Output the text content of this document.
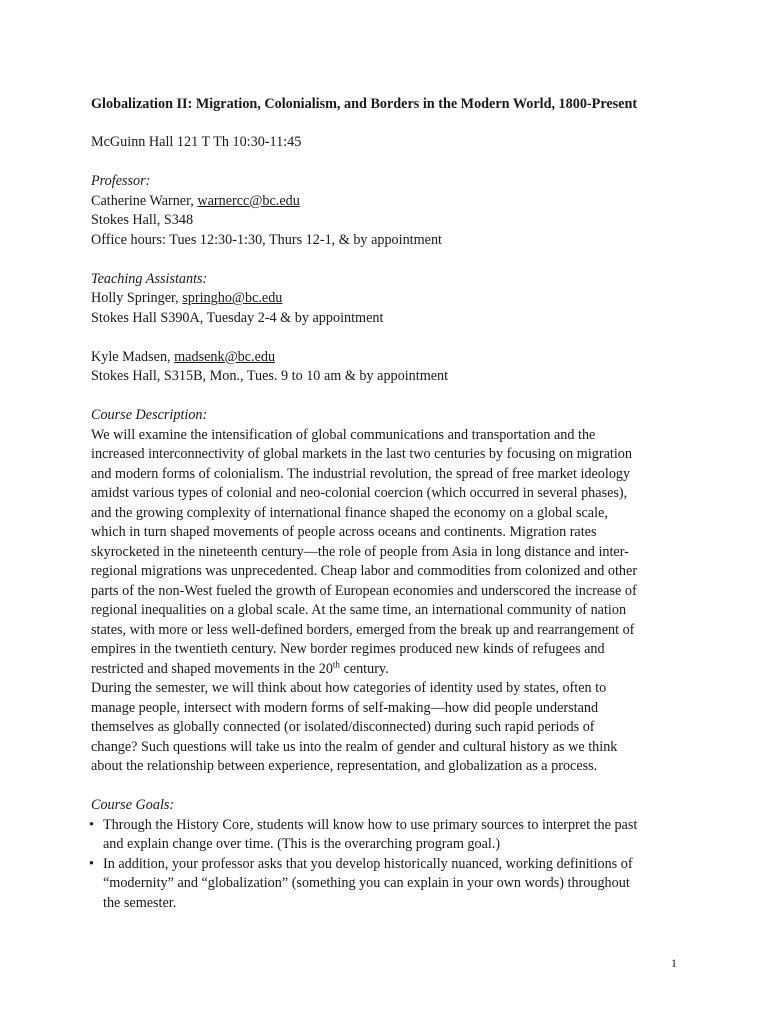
Globalization II: Migration, Colonialism, and Borders in the Modern World, 1800-Present
McGuinn Hall 121 T Th 10:30-11:45
Professor:
Catherine Warner, warnercc@bc.edu
Stokes Hall, S348
Office hours: Tues 12:30-1:30, Thurs 12-1, & by appointment
Teaching Assistants:
Holly Springer, springho@bc.edu
Stokes Hall S390A, Tuesday 2-4 & by appointment
Kyle Madsen, madsenk@bc.edu
Stokes Hall, S315B, Mon., Tues. 9 to 10 am & by appointment
Course Description:
We will examine the intensification of global communications and transportation and the
increased interconnectivity of global markets in the last two centuries by focusing on migration
and modern forms of colonialism. The industrial revolution, the spread of free market ideology
amidst various types of colonial and neo-colonial coercion (which occurred in several phases),
and the growing complexity of international finance shaped the economy on a global scale,
which in turn shaped movements of people across oceans and continents. Migration rates
skyrocketed in the nineteenth century—the role of people from Asia in long distance and inter-
regional migrations was unprecedented. Cheap labor and commodities from colonized and other
parts of the non-West fueled the growth of European economies and underscored the increase of
regional inequalities on a global scale. At the same time, an international community of nation
states, with more or less well-defined borders, emerged from the break up and rearrangement of
empires in the twentieth century. New border regimes produced new kinds of refugees and
restricted and shaped movements in the 20th century.
During the semester, we will think about how categories of identity used by states, often to
manage people, intersect with modern forms of self-making—how did people understand
themselves as globally connected (or isolated/disconnected) during such rapid periods of
change? Such questions will take us into the realm of gender and cultural history as we think
about the relationship between experience, representation, and globalization as a process.
Course Goals:
• Through the History Core, students will know how to use primary sources to interpret the past
and explain change over time. (This is the overarching program goal.)
• In addition, your professor asks that you develop historically nuanced, working definitions of
“modernity” and “globalization” (something you can explain in your own words) throughout
the semester.
1
